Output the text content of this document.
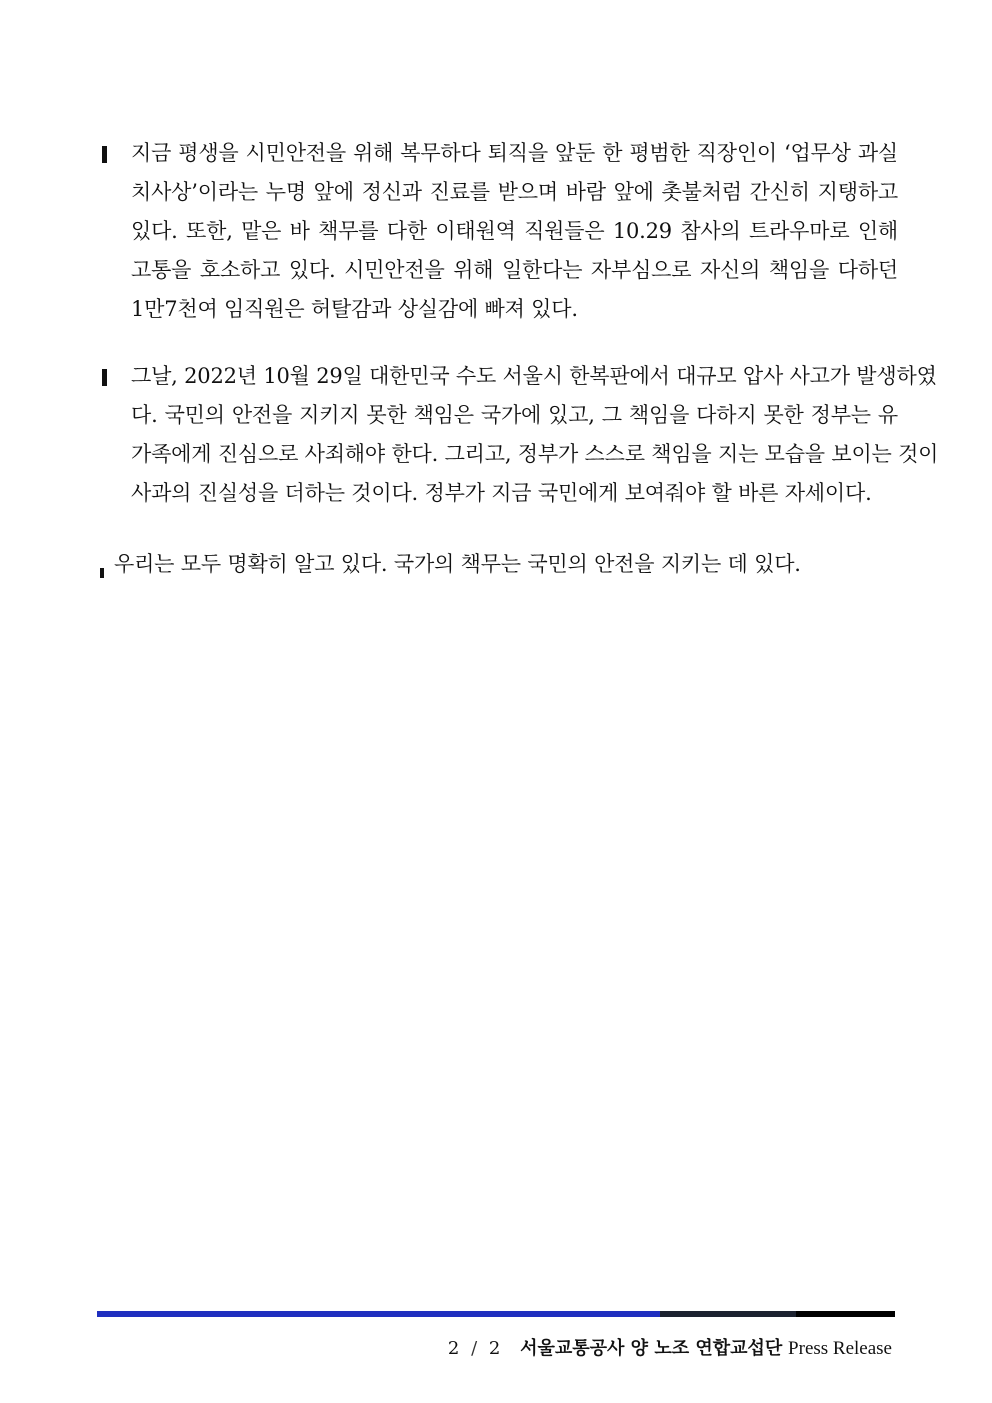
지금 평생을 시민안전을 위해 복무하다 퇴직을 앞둔 한 평범한 직장인이 ‘업무상 과실
치사상’이라는 누명 앞에 정신과 진료를 받으며 바람 앞에 촛불처럼 간신히 지탱하고
있다. 또한, 맡은 바 책무를 다한 이태원역 직원들은 10.29 참사의 트라우마로 인해
고통을 호소하고 있다. 시민안전을 위해 일한다는 자부심으로 자신의 책임을 다하던
1만7천여 임직원은 허탈감과 상실감에 빠져 있다.
그날, 2022년 10월 29일 대한민국 수도 서울시 한복판에서 대규모 압사 사고가 발생하였
다. 국민의 안전을 지키지 못한 책임은 국가에 있고, 그 책임을 다하지 못한 정부는 유
가족에게 진심으로 사죄해야 한다. 그리고, 정부가 스스로 책임을 지는 모습을 보이는 것이
사과의 진실성을 더하는 것이다. 정부가 지금 국민에게 보여줘야 할 바른 자세이다.
우리는 모두 명확히 알고 있다. 국가의 책무는 국민의 안전을 지키는 데 있다.
2 / 2 서울교통공사 양 노조 연합교섭단 Press Release
